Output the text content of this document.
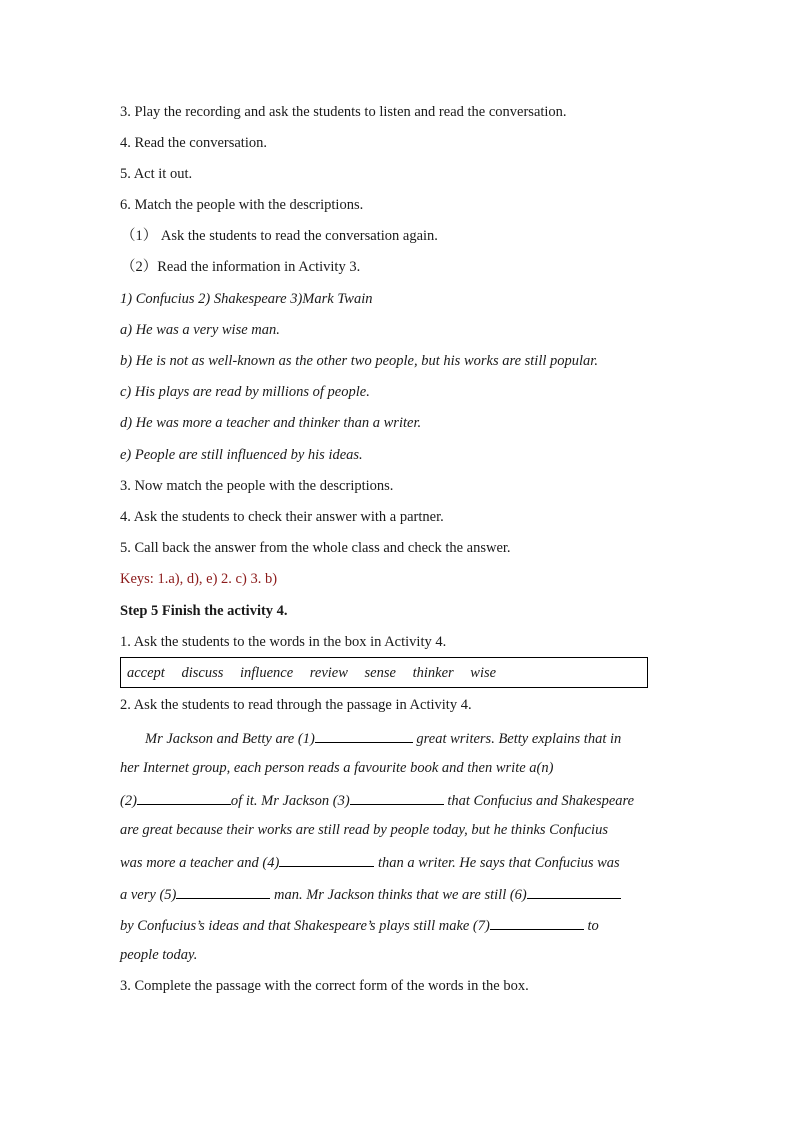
3. Play the recording and ask the students to listen and read the conversation.
4. Read the conversation.
5. Act it out.
6. Match the people with the descriptions.
（1） Ask the students to read the conversation again.
（2）Read the information in Activity 3.
1) Confucius 2) Shakespeare 3)Mark Twain
a) He was a very wise man.
b) He is not as well-known as the other two people, but his works are still popular.
c) His plays are read by millions of people.
d) He was more a teacher and thinker than a writer.
e) People are still influenced by his ideas.
3. Now match the people with the descriptions.
4. Ask the students to check their answer with a partner.
5. Call back the answer from the whole class and check the answer.
Keys: 1.a), d), e) 2. c) 3. b)
Step 5 Finish the activity 4.
1. Ask the students to the words in the box in Activity 4.
accept discuss influence review sense thinker wise
2. Ask the students to read through the passage in Activity 4.
Mr Jackson and Betty are (1)	great writers. Betty explains that in
her Internet group, each person reads a favourite book and then write a(n)
(2)	of it. Mr Jackson (3)	that Confucius and Shakespeare
are great because their works are still read by people today, but he thinks Confucius
was more a teacher and (4)	than a writer. He says that Confucius was
a very (5)	man. Mr Jackson thinks that we are still (6)
by Confucius’s ideas and that Shakespeare’s plays still make (7)	to
people today.
3. Complete the passage with the correct form of the words in the box.
